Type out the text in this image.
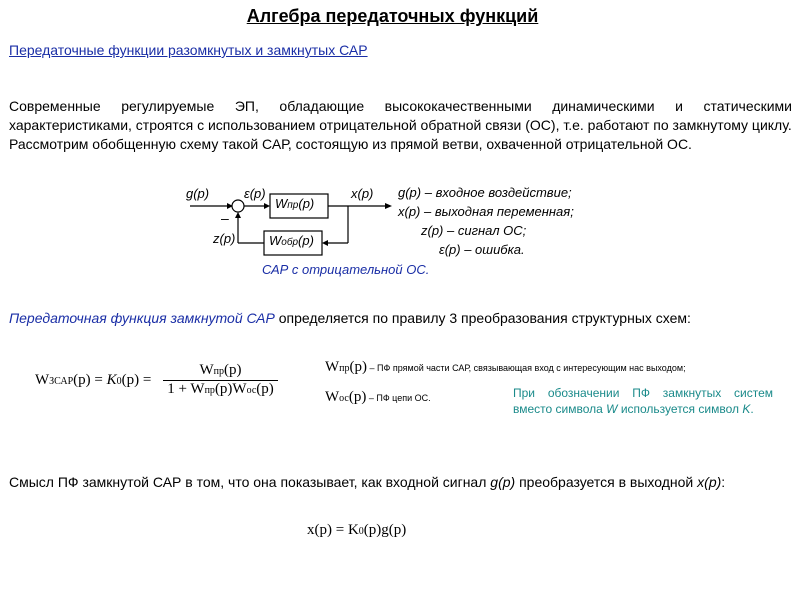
Алгебра передаточных функций
Передаточные функции разомкнутых и замкнутых САР

Современные регулируемые ЭП, обладающие высококачественными динамическими и статическими характеристиками, строятся с использованием отрицательной обратной связи (ОС), т.е. работают по замкнутому циклу.

Рассмотрим обобщенную схему такой САР, состоящую из прямой ветви, охваченной отрицательной ОС.

g(p)	ε(p)	x(p)
z(p)
–
Wпр(p)
Wобр(p)
g(p) – входное воздействие;
x(p) – выходная переменная;
z(p) – сигнал ОС;
ε(p) – ошибка.
САР с отрицательной ОС.
Передаточная функция замкнутой САР определяется по правилу 3 преобразования структурных схем:
WЗСАР(p) = K0(p) =
Wпр(p)
1 + Wпр(p)Wос(p)
Wпр(p) – ПФ прямой части САР, связывающая вход с интересующим нас выходом;
Wос(p) – ПФ цепи ОС.	При обозначении ПФ замкнутых систем вместо символа W используется символ K.
Смысл ПФ замкнутой САР в том, что она показывает, как входной сигнал g(p) преобразуется в выходной x(p):
x(p) = K0(p)g(p)
